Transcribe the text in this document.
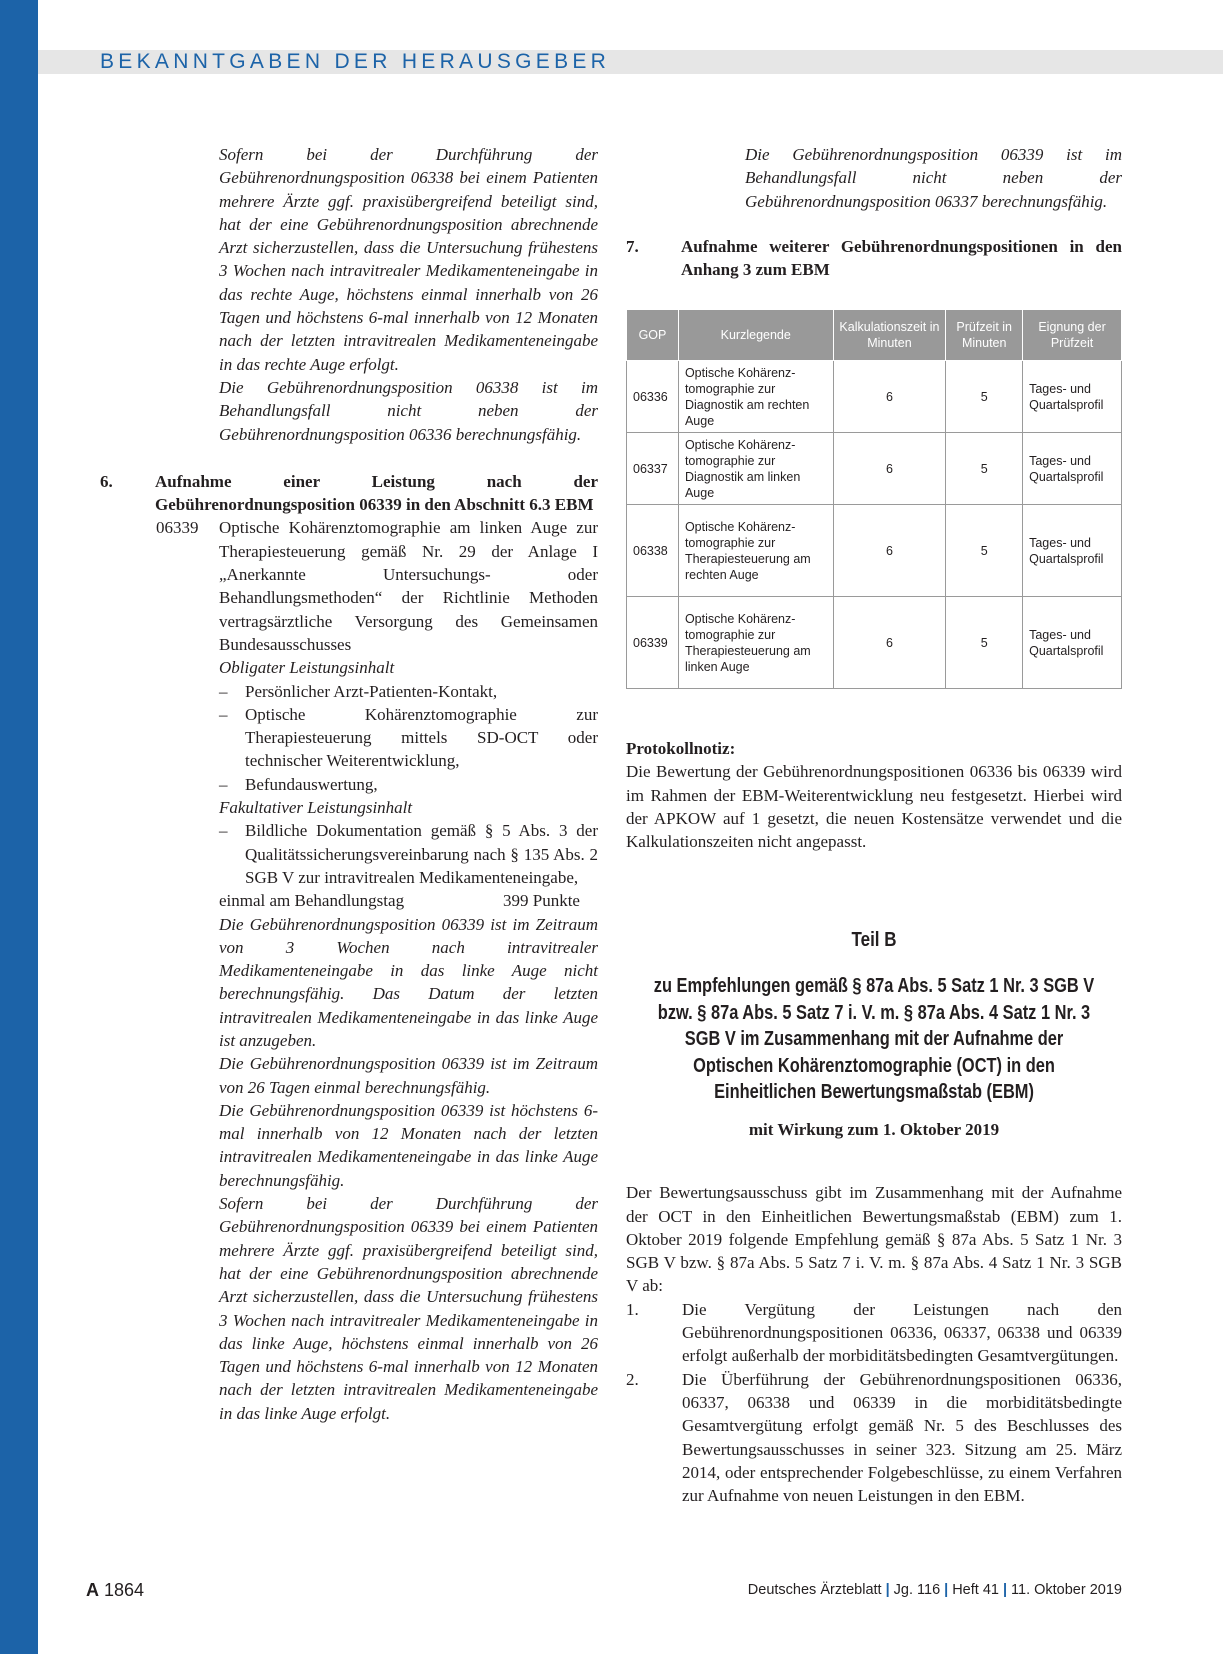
BEKANNTGABEN DER HERAUSGEBER

Sofern bei der Durchführung der Gebührenordnungsposition 06338 bei einem Patienten mehrere Ärzte ggf. praxisübergreifend beteiligt sind, hat der eine Gebührenordnungsposition abrechnende Arzt sicherzustellen, dass die Untersuchung frühestens 3 Wochen nach intravitrealer Medikamenteneingabe in das rechte Auge, höchstens einmal innerhalb von 26 Tagen und höchstens 6-mal innerhalb von 12 Monaten nach der letzten intravitrealen Medikamenteneingabe in das rechte Auge erfolgt.

Die Gebührenordnungsposition 06338 ist im Behandlungsfall nicht neben der Gebührenordnungsposition 06336 berechnungsfähig.

6. Aufnahme einer Leistung nach der Gebührenordnungsposition 06339 in den Abschnitt 6.3 EBM
06339 Optische Kohärenztomographie am linken Auge zur Therapiesteuerung gemäß Nr. 29 der Anlage I „Anerkannte Untersuchungs- oder Behandlungsmethoden“ der Richtlinie Methoden vertragsärztliche Versorgung des Gemeinsamen Bundesausschusses

Obligater Leistungsinhalt

– Persönlicher Arzt-Patienten-Kontakt,
– Optische Kohärenztomographie zur Therapiesteuerung mittels SD-OCT oder technischer Weiterentwicklung,
– Befundauswertung,

Fakultativer Leistungsinhalt

– Bildliche Dokumentation gemäß § 5 Abs. 3 der Qualitätssicherungsvereinbarung nach § 135 Abs. 2 SGB V zur intravitrealen Medikamenteneingabe,
einmal am Behandlungstag	399 Punkte

Die Gebührenordnungsposition 06339 ist im Zeitraum von 3 Wochen nach intravitrealer Medikamenteneingabe in das linke Auge nicht berechnungsfähig. Das Datum der letzten intravitrealen Medikamenteneingabe in das linke Auge ist anzugeben.

Die Gebührenordnungsposition 06339 ist im Zeitraum von 26 Tagen einmal berechnungsfähig.

Die Gebührenordnungsposition 06339 ist höchstens 6-mal innerhalb von 12 Monaten nach der letzten intravitrealen Medikamenteneingabe in das linke Auge berechnungsfähig.

Sofern bei der Durchführung der Gebührenordnungsposition 06339 bei einem Patienten mehrere Ärzte ggf. praxisübergreifend beteiligt sind, hat der eine Gebührenordnungsposition abrechnende Arzt sicherzustellen, dass die Untersuchung frühestens 3 Wochen nach intravitrealer Medikamenteneingabe in das linke Auge, höchstens einmal innerhalb von 26 Tagen und höchstens 6-mal innerhalb von 12 Monaten nach der letzten intravitrealen Medikamenteneingabe in das linke Auge erfolgt.

Die Gebührenordnungsposition 06339 ist im Behandlungsfall nicht neben der Gebührenordnungsposition 06337 berechnungsfähig.

7. Aufnahme weiterer Gebührenordnungspositionen in den Anhang 3 zum EBM
GOP	Kurzlegende	Kalkulationszeit in Minuten	Prüfzeit in Minuten	Eignung der Prüfzeit
06336	Optische Kohärenz-tomographie zur Diagnostik am rechten Auge	6	5	Tages- und Quartalsprofil
06337	Optische Kohärenz-tomographie zur Diagnostik am linken Auge	6	5	Tages- und Quartalsprofil
06338	Optische Kohärenz-tomographie zur Therapiesteuerung am rechten Auge	6	5	Tages- und Quartalsprofil
06339	Optische Kohärenz-tomographie zur Therapiesteuerung am linken Auge	6	5	Tages- und Quartalsprofil

Protokollnotiz:

Die Bewertung der Gebührenordnungspositionen 06336 bis 06339 wird im Rahmen der EBM-Weiterentwicklung neu festgesetzt. Hierbei wird der APKOW auf 1 gesetzt, die neuen Kostensätze verwendet und die Kalkulationszeiten nicht angepasst.

Teil B
zu Empfehlungen gemäß § 87a Abs. 5 Satz 1 Nr. 3 SGB V bzw. § 87a Abs. 5 Satz 7 i. V. m. § 87a Abs. 4 Satz 1 Nr. 3 SGB V im Zusammenhang mit der Aufnahme der Optischen Kohärenztomographie (OCT) in den Einheitlichen Bewertungsmaßstab (EBM)

mit Wirkung zum 1. Oktober 2019

Der Bewertungsausschuss gibt im Zusammenhang mit der Aufnahme der OCT in den Einheitlichen Bewertungsmaßstab (EBM) zum 1. Oktober 2019 folgende Empfehlung gemäß § 87a Abs. 5 Satz 1 Nr. 3 SGB V bzw. § 87a Abs. 5 Satz 7 i. V. m. § 87a Abs. 4 Satz 1 Nr. 3 SGB V ab:

1.	Die Vergütung der Leistungen nach den Gebührenordnungspositionen 06336, 06337, 06338 und 06339 erfolgt außerhalb der morbiditätsbedingten Gesamtvergütungen.
2.	Die Überführung der Gebührenordnungspositionen 06336, 06337, 06338 und 06339 in die morbiditätsbedingte Gesamtvergütung erfolgt gemäß Nr. 5 des Beschlusses des Bewertungsausschusses in seiner 323. Sitzung am 25. März 2014, oder entsprechender Folgebeschlüsse, zu einem Verfahren zur Aufnahme von neuen Leistungen in den EBM.
A 1864	Deutsches Ärzteblatt | Jg. 116 | Heft 41 | 11. Oktober 2019
